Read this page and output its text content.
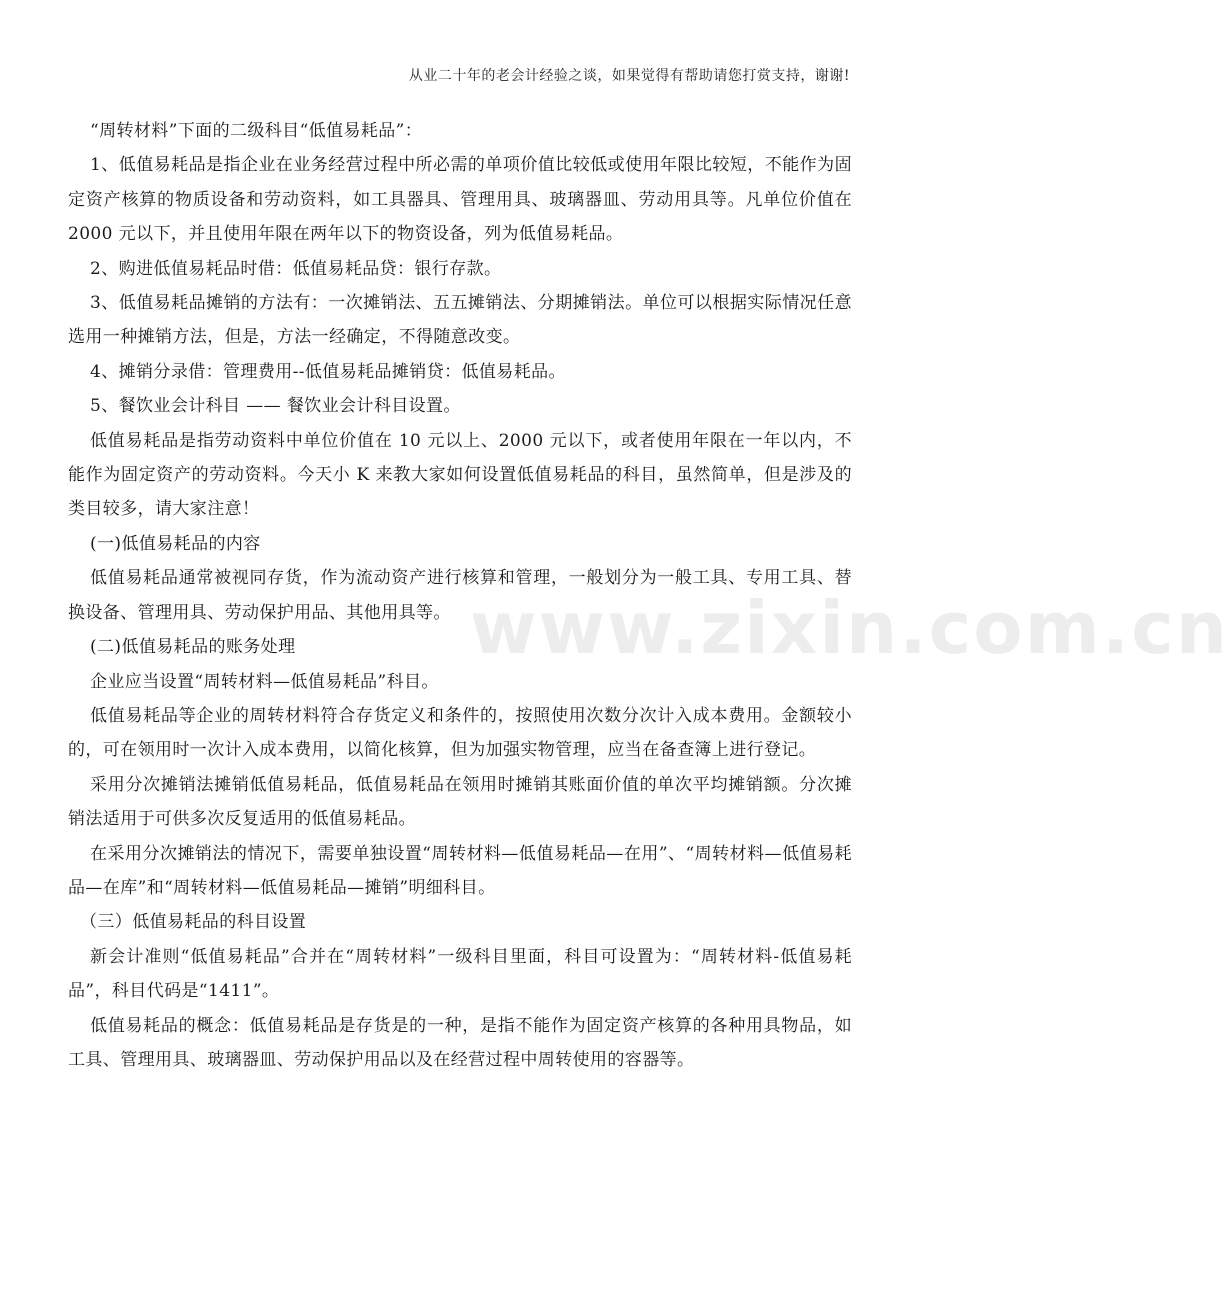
从业二十年的老会计经验之谈，如果觉得有帮助请您打赏支持，谢谢!
www.zixin.com.cn

“周转材料”下面的二级科目“低值易耗品”：

1、低值易耗品是指企业在业务经营过程中所必需的单项价值比较低或使用年限比较短，不能作为固定资产核算的物质设备和劳动资料，如工具器具、管理用具、玻璃器皿、劳动用具等。凡单位价值在 2000 元以下，并且使用年限在两年以下的物资设备，列为低值易耗品。

2、购进低值易耗品时借：低值易耗品贷：银行存款。

3、低值易耗品摊销的方法有：一次摊销法、五五摊销法、分期摊销法。单位可以根据实际情况任意选用一种摊销方法，但是，方法一经确定，不得随意改变。

4、摊销分录借：管理费用--低值易耗品摊销贷：低值易耗品。

5、餐饮业会计科目 —— 餐饮业会计科目设置。

低值易耗品是指劳动资料中单位价值在 10 元以上、2000 元以下，或者使用年限在一年以内，不能作为固定资产的劳动资料。今天小 K 来教大家如何设置低值易耗品的科目，虽然简单，但是涉及的类目较多，请大家注意！

(一)低值易耗品的内容

低值易耗品通常被视同存货，作为流动资产进行核算和管理，一般划分为一般工具、专用工具、替换设备、管理用具、劳动保护用品、其他用具等。

(二)低值易耗品的账务处理

企业应当设置“周转材料—低值易耗品”科目。

低值易耗品等企业的周转材料符合存货定义和条件的，按照使用次数分次计入成本费用。金额较小的，可在领用时一次计入成本费用，以简化核算，但为加强实物管理，应当在备查簿上进行登记。

采用分次摊销法摊销低值易耗品，低值易耗品在领用时摊销其账面价值的单次平均摊销额。分次摊销法适用于可供多次反复适用的低值易耗品。

在采用分次摊销法的情况下，需要单独设置“周转材料—低值易耗品—在用”、“周转材料—低值易耗品—在库”和“周转材料—低值易耗品—摊销”明细科目。

（三）低值易耗品的科目设置

新会计准则“低值易耗品”合并在“周转材料”一级科目里面，科目可设置为：“周转材料-低值易耗品”，科目代码是“1411”。

低值易耗品的概念：低值易耗品是存货是的一种，是指不能作为固定资产核算的各种用具物品，如工具、管理用具、玻璃器皿、劳动保护用品以及在经营过程中周转使用的容器等。
